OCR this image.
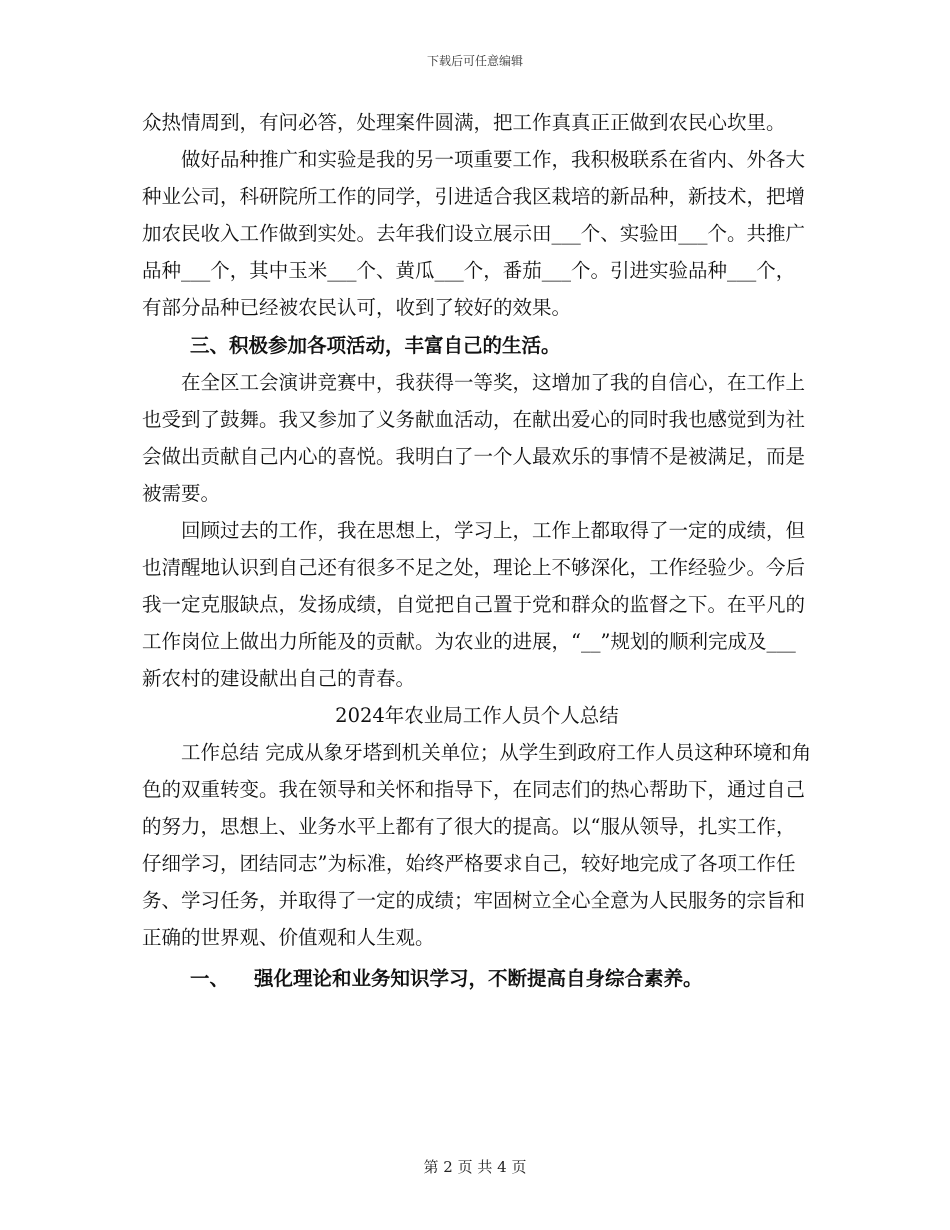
下载后可任意编辑

众热情周到，有问必答，处理案件圆满，把工作真真正正做到农民心坎里。

做好品种推广和实验是我的另一项重要工作，我积极联系在省内、外各大种业公司，科研院所工作的同学，引进适合我区栽培的新品种，新技术，把增加农民收入工作做到实处。去年我们设立展示田___个、实验田___个。共推广品种___个，其中玉米___个、黄瓜___个，番茄___个。引进实验品种___个，有部分品种已经被农民认可，收到了较好的效果。

三、积极参加各项活动，丰富自己的生活。

在全区工会演讲竞赛中，我获得一等奖，这增加了我的自信心，在工作上也受到了鼓舞。我又参加了义务献血活动，在献出爱心的同时我也感觉到为社会做出贡献自己内心的喜悦。我明白了一个人最欢乐的事情不是被满足，而是被需要。

回顾过去的工作，我在思想上，学习上，工作上都取得了一定的成绩，但也清醒地认识到自己还有很多不足之处，理论上不够深化，工作经验少。今后我一定克服缺点，发扬成绩，自觉把自己置于党和群众的监督之下。在平凡的工作岗位上做出力所能及的贡献。为农业的进展，“__”规划的顺利完成及___新农村的建设献出自己的青春。

2024年农业局工作人员个人总结

工作总结 完成从象牙塔到机关单位；从学生到政府工作人员这种环境和角色的双重转变。我在领导和关怀和指导下，在同志们的热心帮助下，通过自己的努力，思想上、业务水平上都有了很大的提高。以“服从领导，扎实工作，仔细学习，团结同志”为标准，始终严格要求自己，较好地完成了各项工作任务、学习任务，并取得了一定的成绩；牢固树立全心全意为人民服务的宗旨和正确的世界观、价值观和人生观。

一、 强化理论和业务知识学习，不断提高自身综合素养。

第 2 页 共 4 页
